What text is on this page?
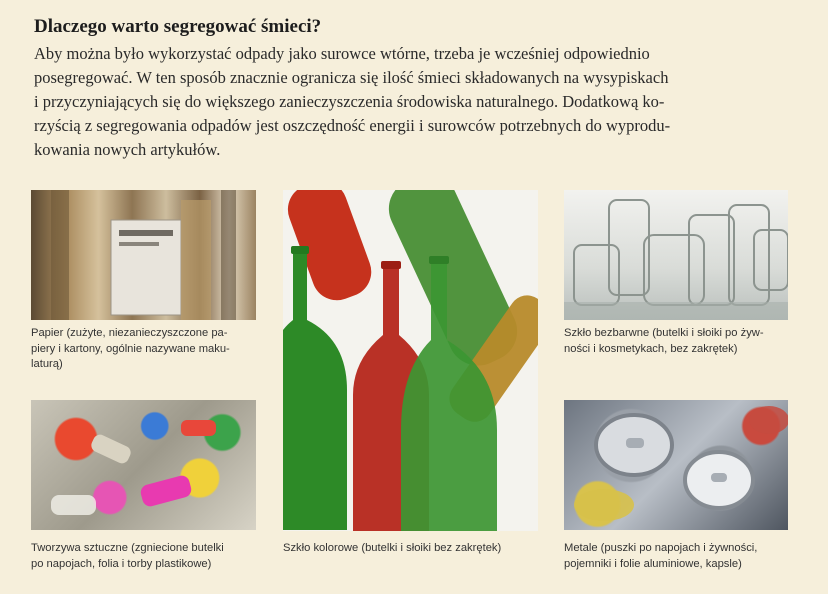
Dlaczego warto segregować śmieci?
Aby można było wykorzystać odpady jako surowce wtórne, trzeba je wcześniej odpowiednio
posegregować. W ten sposób znacznie ogranicza się ilość śmieci składowanych na wysypiskach
i przyczyniających się do większego zanieczyszczenia środowiska naturalnego. Dodatkową ko-
rzyścią z segregowania odpadów jest oszczędność energii i surowców potrzebnych do wyprodu-
kowania nowych artykułów.
Papier (zużyte, niezanieczyszczone pa-
piery i kartony, ogólnie nazywane maku-
laturą)
Tworzywa sztuczne (zgniecione butelki
po napojach, folia i torby plastikowe)
Szkło kolorowe (butelki i słoiki bez zakrętek)
Szkło bezbarwne (butelki i słoiki po żyw-
ności i kosmetykach, bez zakrętek)
Metale (puszki po napojach i żywności,
pojemniki i folie aluminiowe, kapsle)
